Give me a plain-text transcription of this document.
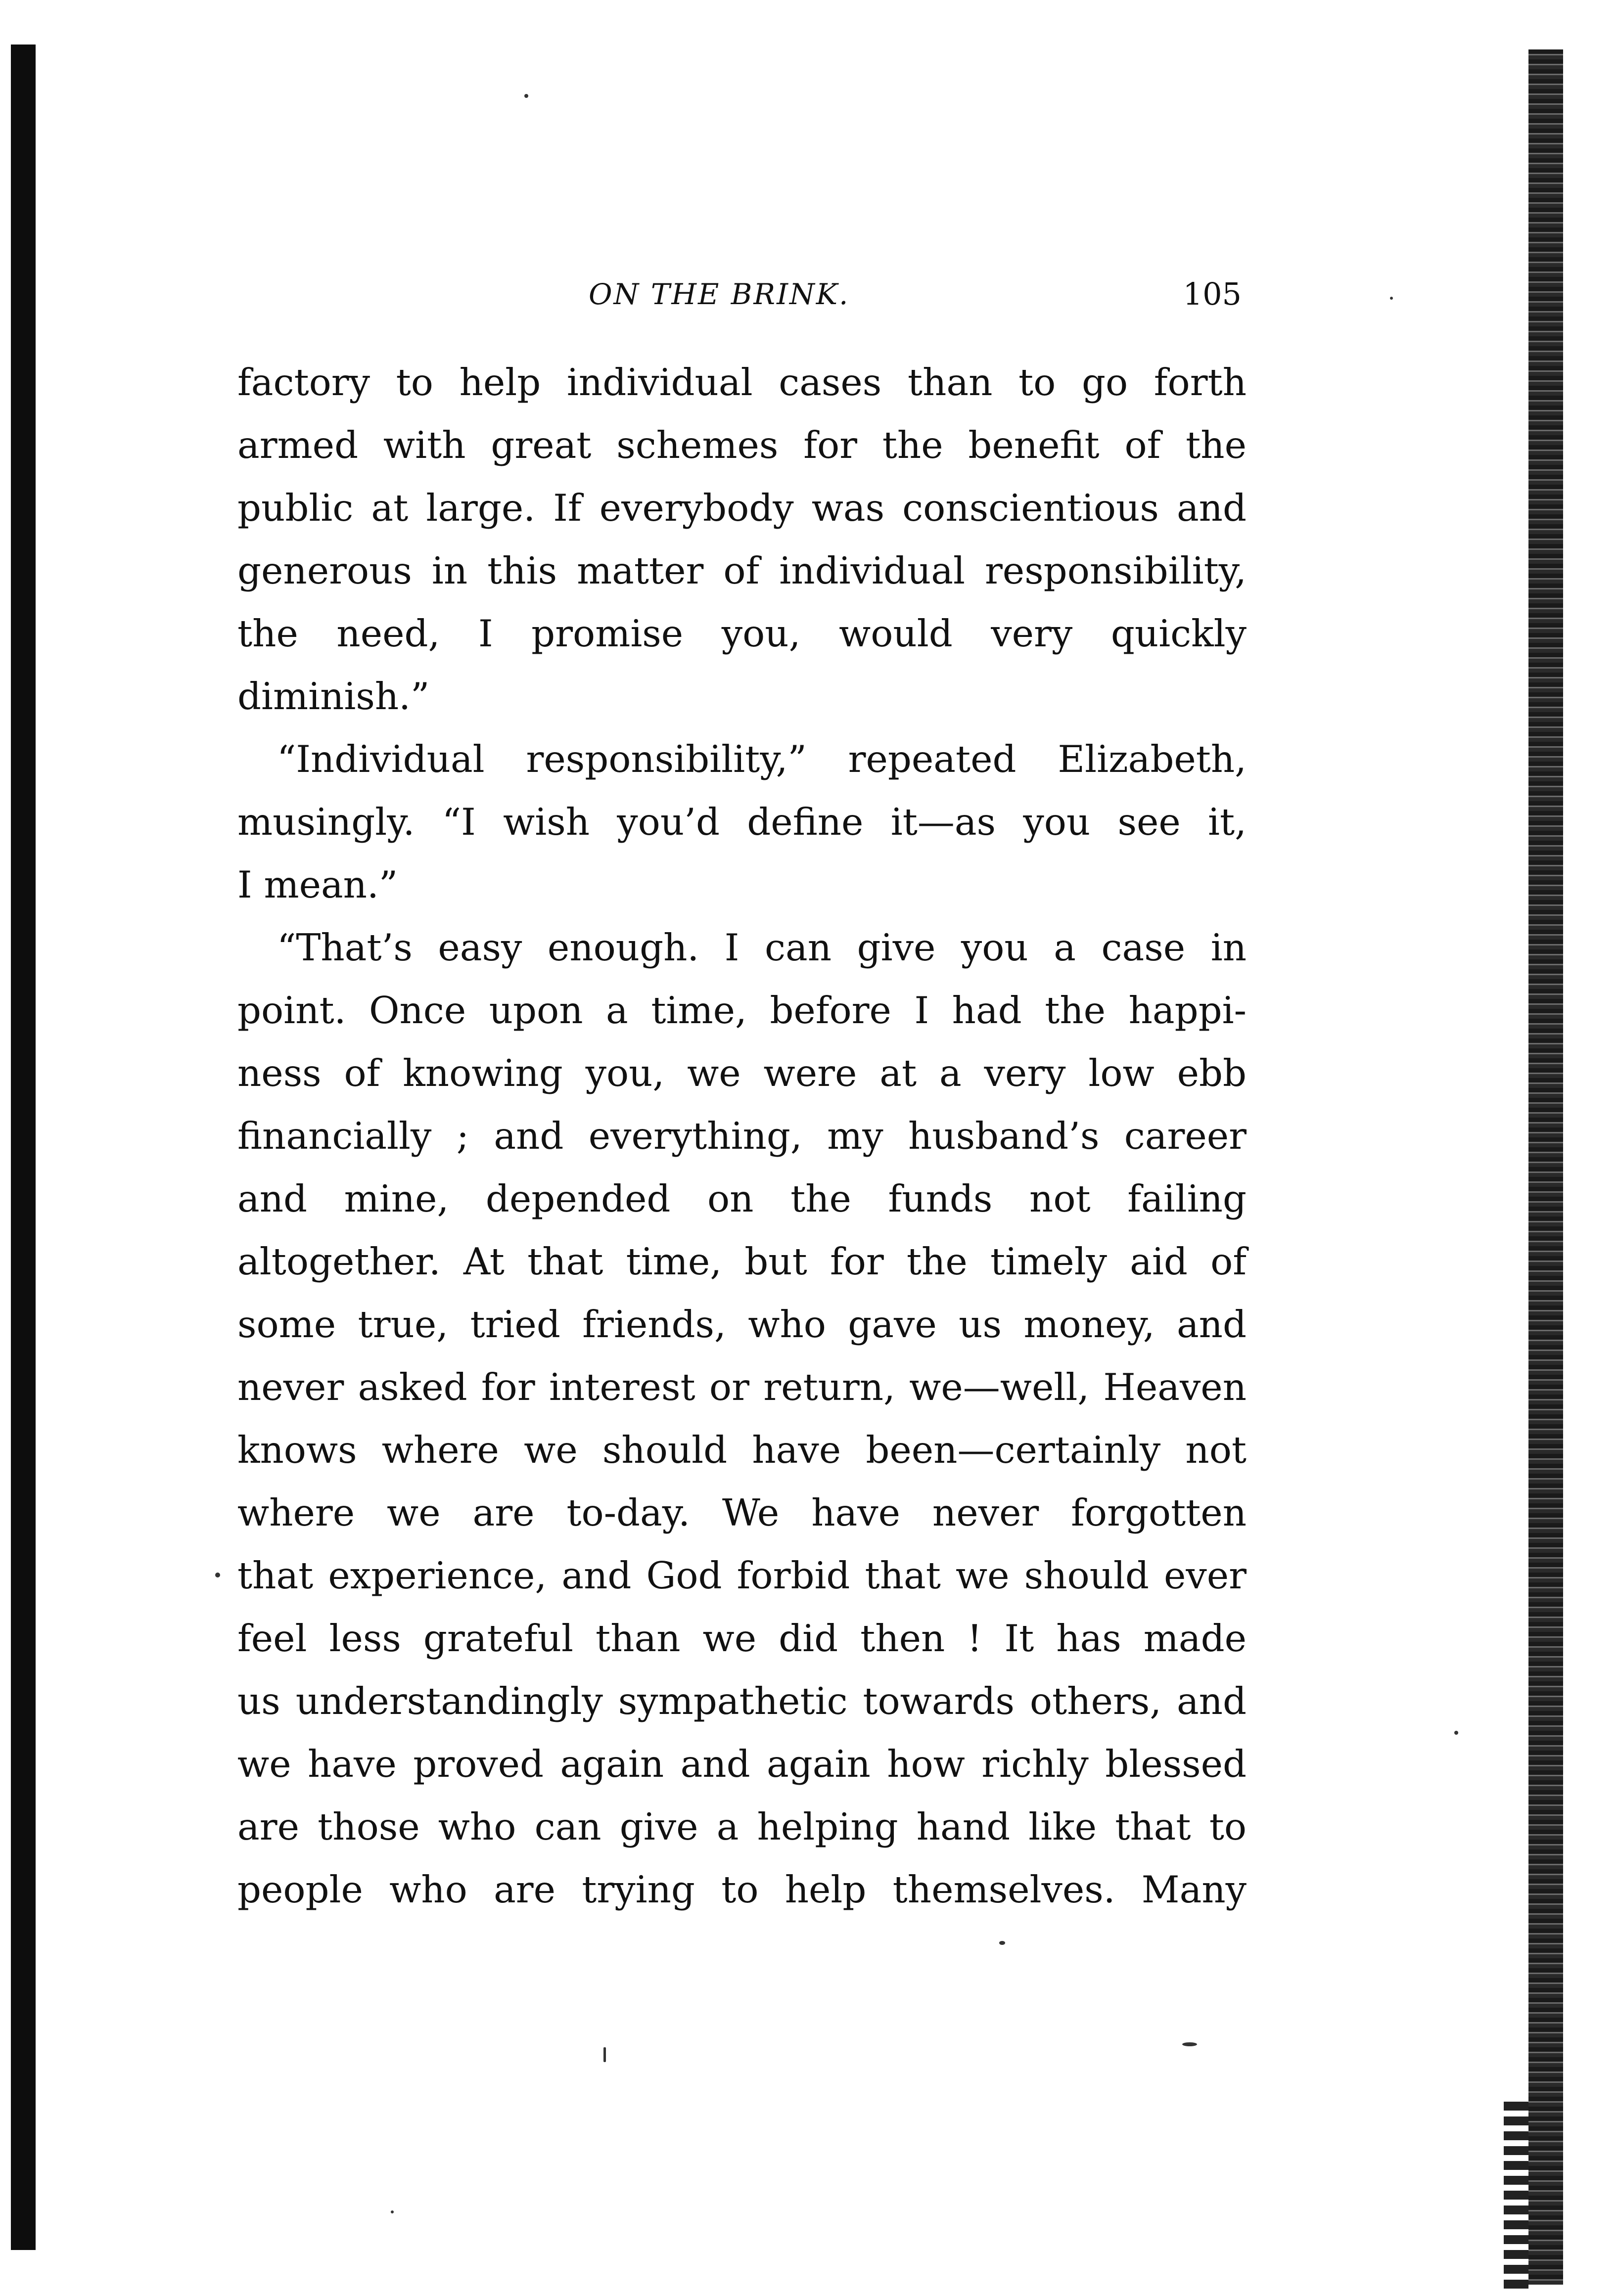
ON THE BRINK.	105
factory to help individual cases than to go forth
armed with great schemes for the benefit of the
public at large. If everybody was conscientious and
generous in this matter of individual responsibility,
the need, I promise you, would very quickly
diminish.”
“Individual responsibility,” repeated Elizabeth,
musingly. “I wish you’d define it—as you see it,
I mean.”
“That’s easy enough. I can give you a case in
point. Once upon a time, before I had the happi-
ness of knowing you, we were at a very low ebb
financially ; and everything, my husband’s career
and mine, depended on the funds not failing
altogether. At that time, but for the timely aid of
some true, tried friends, who gave us money, and
never asked for interest or return, we—well, Heaven
knows where we should have been—certainly not
where we are to-day. We have never forgotten
that experience, and God forbid that we should ever
feel less grateful than we did then ! It has made
us understandingly sympathetic towards others, and
we have proved again and again how richly blessed
are those who can give a helping hand like that to
people who are trying to help themselves. Many
